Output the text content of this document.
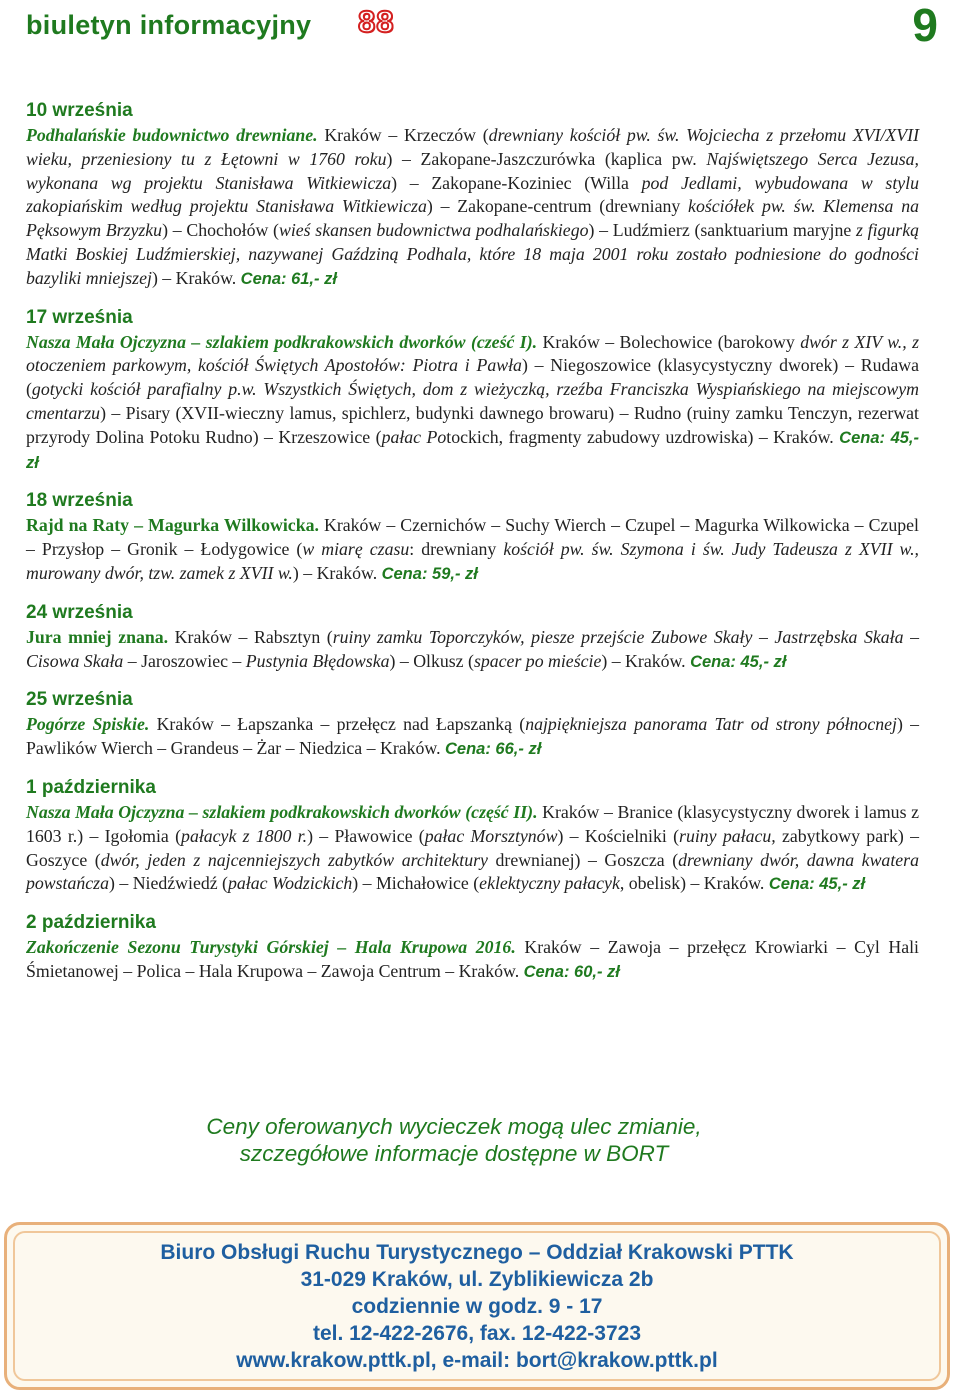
biuletyn informacyjny 88	9
10 września

Podhalańskie budownictwo drewniane. Kraków – Krzeczów (drewniany kościół pw. św. Wojciecha z przełomu XVI/XVII wieku, przeniesiony tu z Łętowni w 1760 roku) – Zakopane-Jaszczurówka (kaplica pw. Najświętszego Serca Jezusa, wykonana wg projektu Stanisława Witkiewicza) – Zakopane-Koziniec (Willa pod Jedlami, wybudowana w stylu zakopiańskim według projektu Stanisława Witkiewicza) – Zakopane-centrum (drewniany kościółek pw. św. Klemensa na Pęksowym Brzyzku) – Chochołów (wieś skansen budownictwa podhalańskiego) – Ludźmierz (sanktuarium maryjne z figurką Matki Boskiej Ludźmierskiej, nazywanej Gaździną Podhala, które 18 maja 2001 roku zostało podniesione do godności bazyliki mniejszej) – Kraków. Cena: 61,- zł

17 września

Nasza Mała Ojczyzna – szlakiem podkrakowskich dworków (cześć I). Kraków – Bolechowice (barokowy dwór z XIV w., z otoczeniem parkowym, kościół Świętych Apostołów: Piotra i Pawła) – Niegoszowice (klasycystyczny dworek) – Rudawa (gotycki kościół parafialny p.w. Wszystkich Świętych, dom z wieżyczką, rzeźba Franciszka Wyspiańskiego na miejscowym cmentarzu) – Pisary (XVII-wieczny lamus, spichlerz, budynki dawnego browaru) – Rudno (ruiny zamku Tenczyn, rezerwat przyrody Dolina Potoku Rudno) – Krzeszowice (pałac Potockich, fragmenty zabudowy uzdrowiska) – Kraków. Cena: 45,- zł

18 września

Rajd na Raty – Magurka Wilkowicka. Kraków – Czernichów – Suchy Wierch – Czupel – Magurka Wilkowicka – Czupel – Przysłop – Gronik – Łodygowice (w miarę czasu: drewniany kościół pw. św. Szymona i św. Judy Tadeusza z XVII w., murowany dwór, tzw. zamek z XVII w.) – Kraków. Cena: 59,- zł

24 września

Jura mniej znana. Kraków – Rabsztyn (ruiny zamku Toporczyków, piesze przejście Zubowe Skały – Jastrzębska Skała – Cisowa Skała – Jaroszowiec – Pustynia Błędowska) – Olkusz (spacer po mieście) – Kraków. Cena: 45,- zł

25 września

Pogórze Spiskie. Kraków – Łapszanka – przełęcz nad Łapszanką (najpiękniejsza panorama Tatr od strony północnej) – Pawlików Wierch – Grandeus – Żar – Niedzica – Kraków. Cena: 66,- zł

1 października

Nasza Mała Ojczyzna – szlakiem podkrakowskich dworków (część II). Kraków – Branice (klasycystyczny dworek i lamus z 1603 r.) – Igołomia (pałacyk z 1800 r.) – Pławowice (pałac Morsztynów) – Kościelniki (ruiny pałacu, zabytkowy park) – Goszyce (dwór, jeden z najcenniejszych zabytków architektury drewnianej) – Goszcza (drewniany dwór, dawna kwatera powstańcza) – Niedźwiedź (pałac Wodzickich) – Michałowice (eklektyczny pałacyk, obelisk) – Kraków. Cena: 45,- zł

2 października

Zakończenie Sezonu Turystyki Górskiej – Hala Krupowa 2016. Kraków – Zawoja – przełęcz Krowiarki – Cyl Hali Śmietanowej – Polica – Hala Krupowa – Zawoja Centrum – Kraków. Cena: 60,- zł

Ceny oferowanych wycieczek mogą ulec zmianie,
szczegółowe informacje dostępne w BORT
Biuro Obsługi Ruchu Turystycznego – Oddział Krakowski PTTK
31-029 Kraków, ul. Zyblikiewicza 2b
codziennie w godz. 9 - 17
tel. 12-422-2676, fax. 12-422-3723
www.krakow.pttk.pl, e-mail: bort@krakow.pttk.pl
